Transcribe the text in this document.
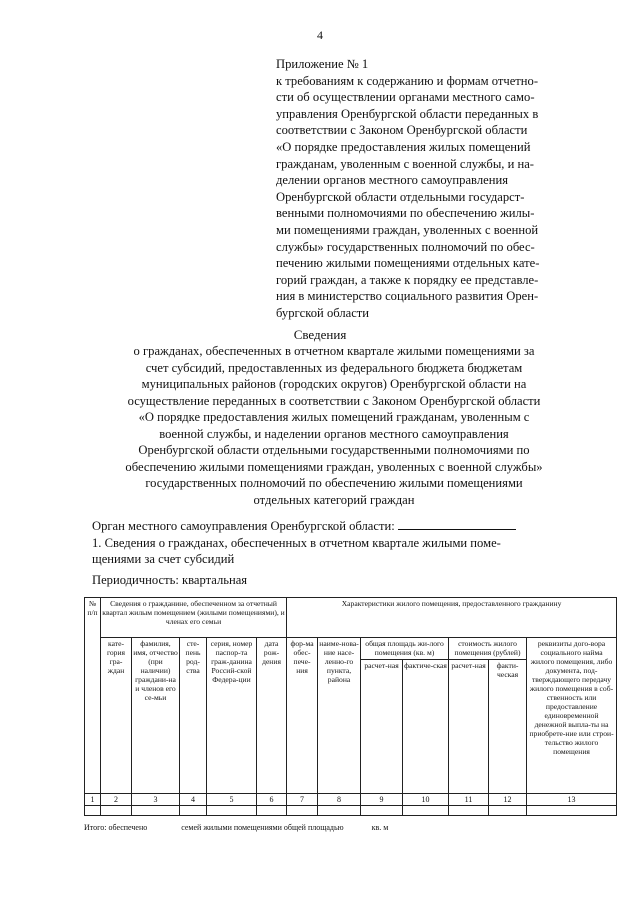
4

Приложение № 1

к требованиям к содержанию и формам отчетно-

сти об осуществлении органами местного само-

управления Оренбургской области переданных в

соответствии с Законом Оренбургской области

«О порядке предоставления жилых помещений

гражданам, уволенным с военной службы, и на-

делении органов местного самоуправления

Оренбургской области отдельными государст-

венными полномочиями по обеспечению жилы-

ми помещениями граждан, уволенных с военной

службы» государственных полномочий по обес-

печению жилыми помещениями отдельных кате-

горий граждан, а также к порядку ее представле-

ния в министерство социального развития Орен-

бургской области

Сведения
о гражданах, обеспеченных в отчетном квартале жилыми помещениями за
счет субсидий, предоставленных из федерального бюджета бюджетам
муниципальных районов (городских округов) Оренбургской области на
осуществление переданных в соответствии с Законом Оренбургской области
«О порядке предоставления жилых помещений гражданам, уволенным с
военной службы, и наделении органов местного самоуправления
Оренбургской области отдельными государственными полномочиями по
обеспечению жилыми помещениями граждан, уволенных с военной службы»
государственных полномочий по обеспечению жилыми помещениями
отдельных категорий граждан

Орган местного самоуправления Оренбургской области:

1. Сведения о гражданах, обеспеченных в отчетном квартале жилыми поме-

щениями за счет субсидий

Периодичность: квартальная
№ п/п	Сведения о гражданине, обеспеченном за отчетный квартал жилым помещением (жилыми помещениями), и членах его семьи					Характеристики жилого помещения, предоставленного гражданину						
	кате-гория гра-ждан	фамилия, имя, отчество (при наличии) граждани-на и членов его се-мьи	сте-пень род-ства	серия, номер паспор-та граж-данина Россий-ской Федера-ции	дата рож-дения	фор-ма обес-пече-ния	наиме-нова-ние насе-ленно-го пункта, района	общая площадь жи-лого помещения (кв. м)		стоимость жилого помещения (рублей)		реквизиты дого-вора социального найма жилого помещения, либо документа, под-тверждающего передачу жилого помещения в соб-ственность или предоставление единовременной денежной выпла-ты на приобрете-ние или строи-тельство жилого помещения
								расчет-ная	фактиче-ская	расчет-ная	факти-ческая	
1	2	3	4	5	6	7	8	9	10	11	12	13

Итого: обеспечено	семей жилыми помещениями общей площадью	кв. м
